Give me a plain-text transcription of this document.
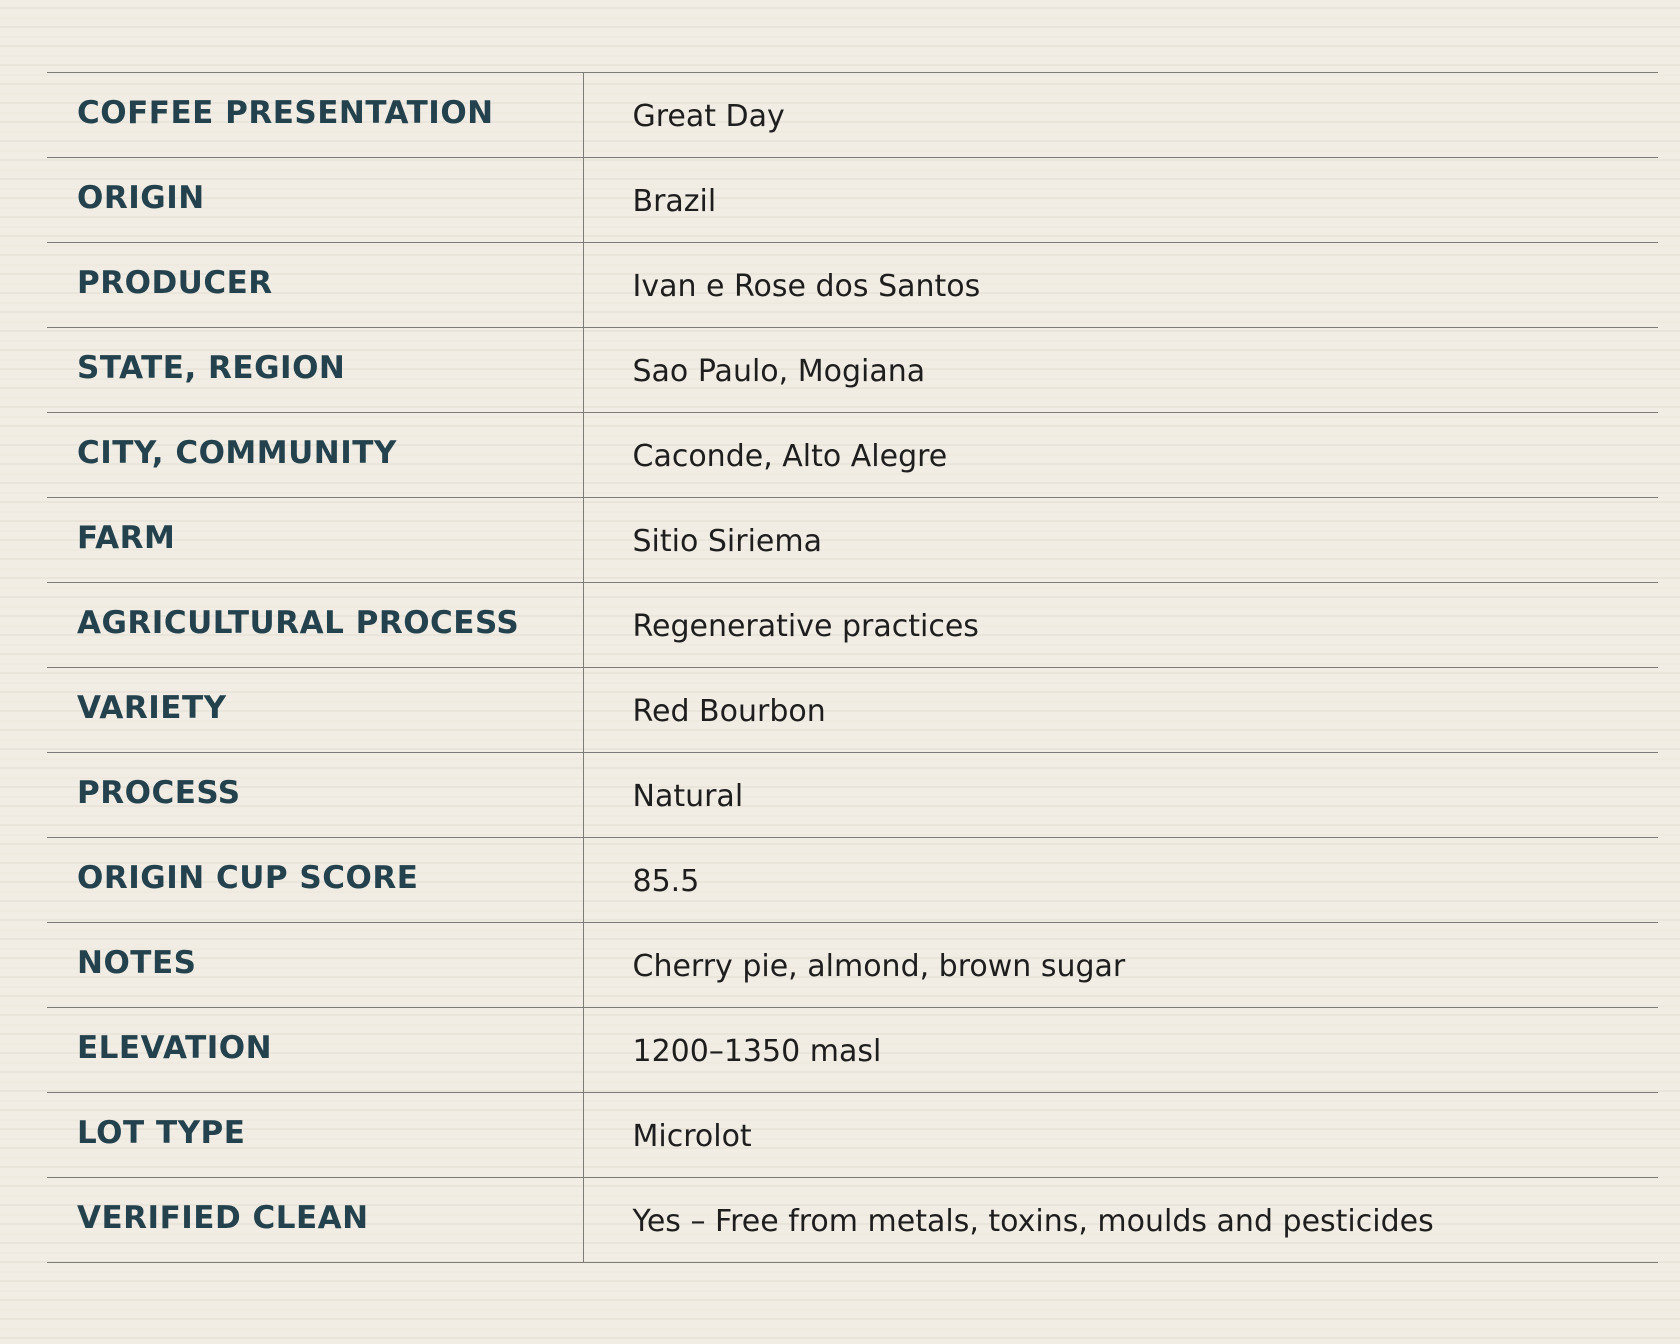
COFFEE PRESENTATION	Great Day
ORIGIN	Brazil
PRODUCER	Ivan e Rose dos Santos
STATE, REGION	Sao Paulo, Mogiana
CITY, COMMUNITY	Caconde, Alto Alegre
FARM	Sitio Siriema
AGRICULTURAL PROCESS	Regenerative practices
VARIETY	Red Bourbon
PROCESS	Natural
ORIGIN CUP SCORE	85.5
NOTES	Cherry pie, almond, brown sugar
ELEVATION	1200–1350 masl
LOT TYPE	Microlot
VERIFIED CLEAN	Yes – Free from metals, toxins, moulds and pesticides
